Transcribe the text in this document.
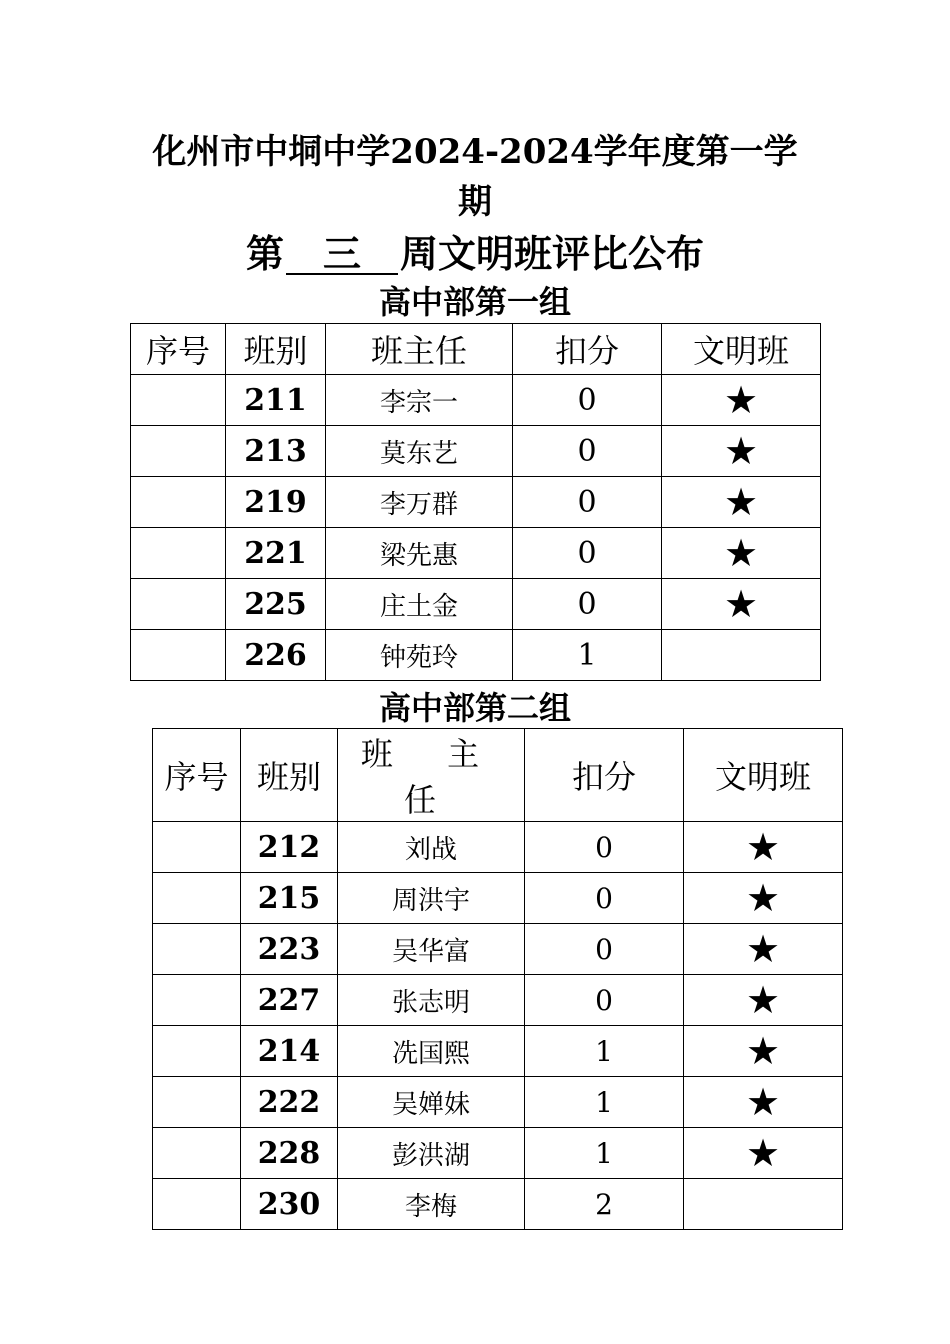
化州市中垌中学2024-2024学年度第一学
期
第 三 周文明班评比公布
高中部第一组
序号	班别	班主任	扣分	文明班
	211	李宗一	0	★
	213	莫东艺	0	★
	219	李万群	0	★
	221	梁先惠	0	★
	225	庄土金	0	★
	226	钟苑玲	1	
高中部第二组
序号	班别	班 主 任	扣分	文明班
	212	刘战	0	★
	215	周洪宇	0	★
	223	吴华富	0	★
	227	张志明	0	★
	214	冼国熙	1	★
	222	吴婵妹	1	★
	228	彭洪湖	1	★
	230	李梅	2	
